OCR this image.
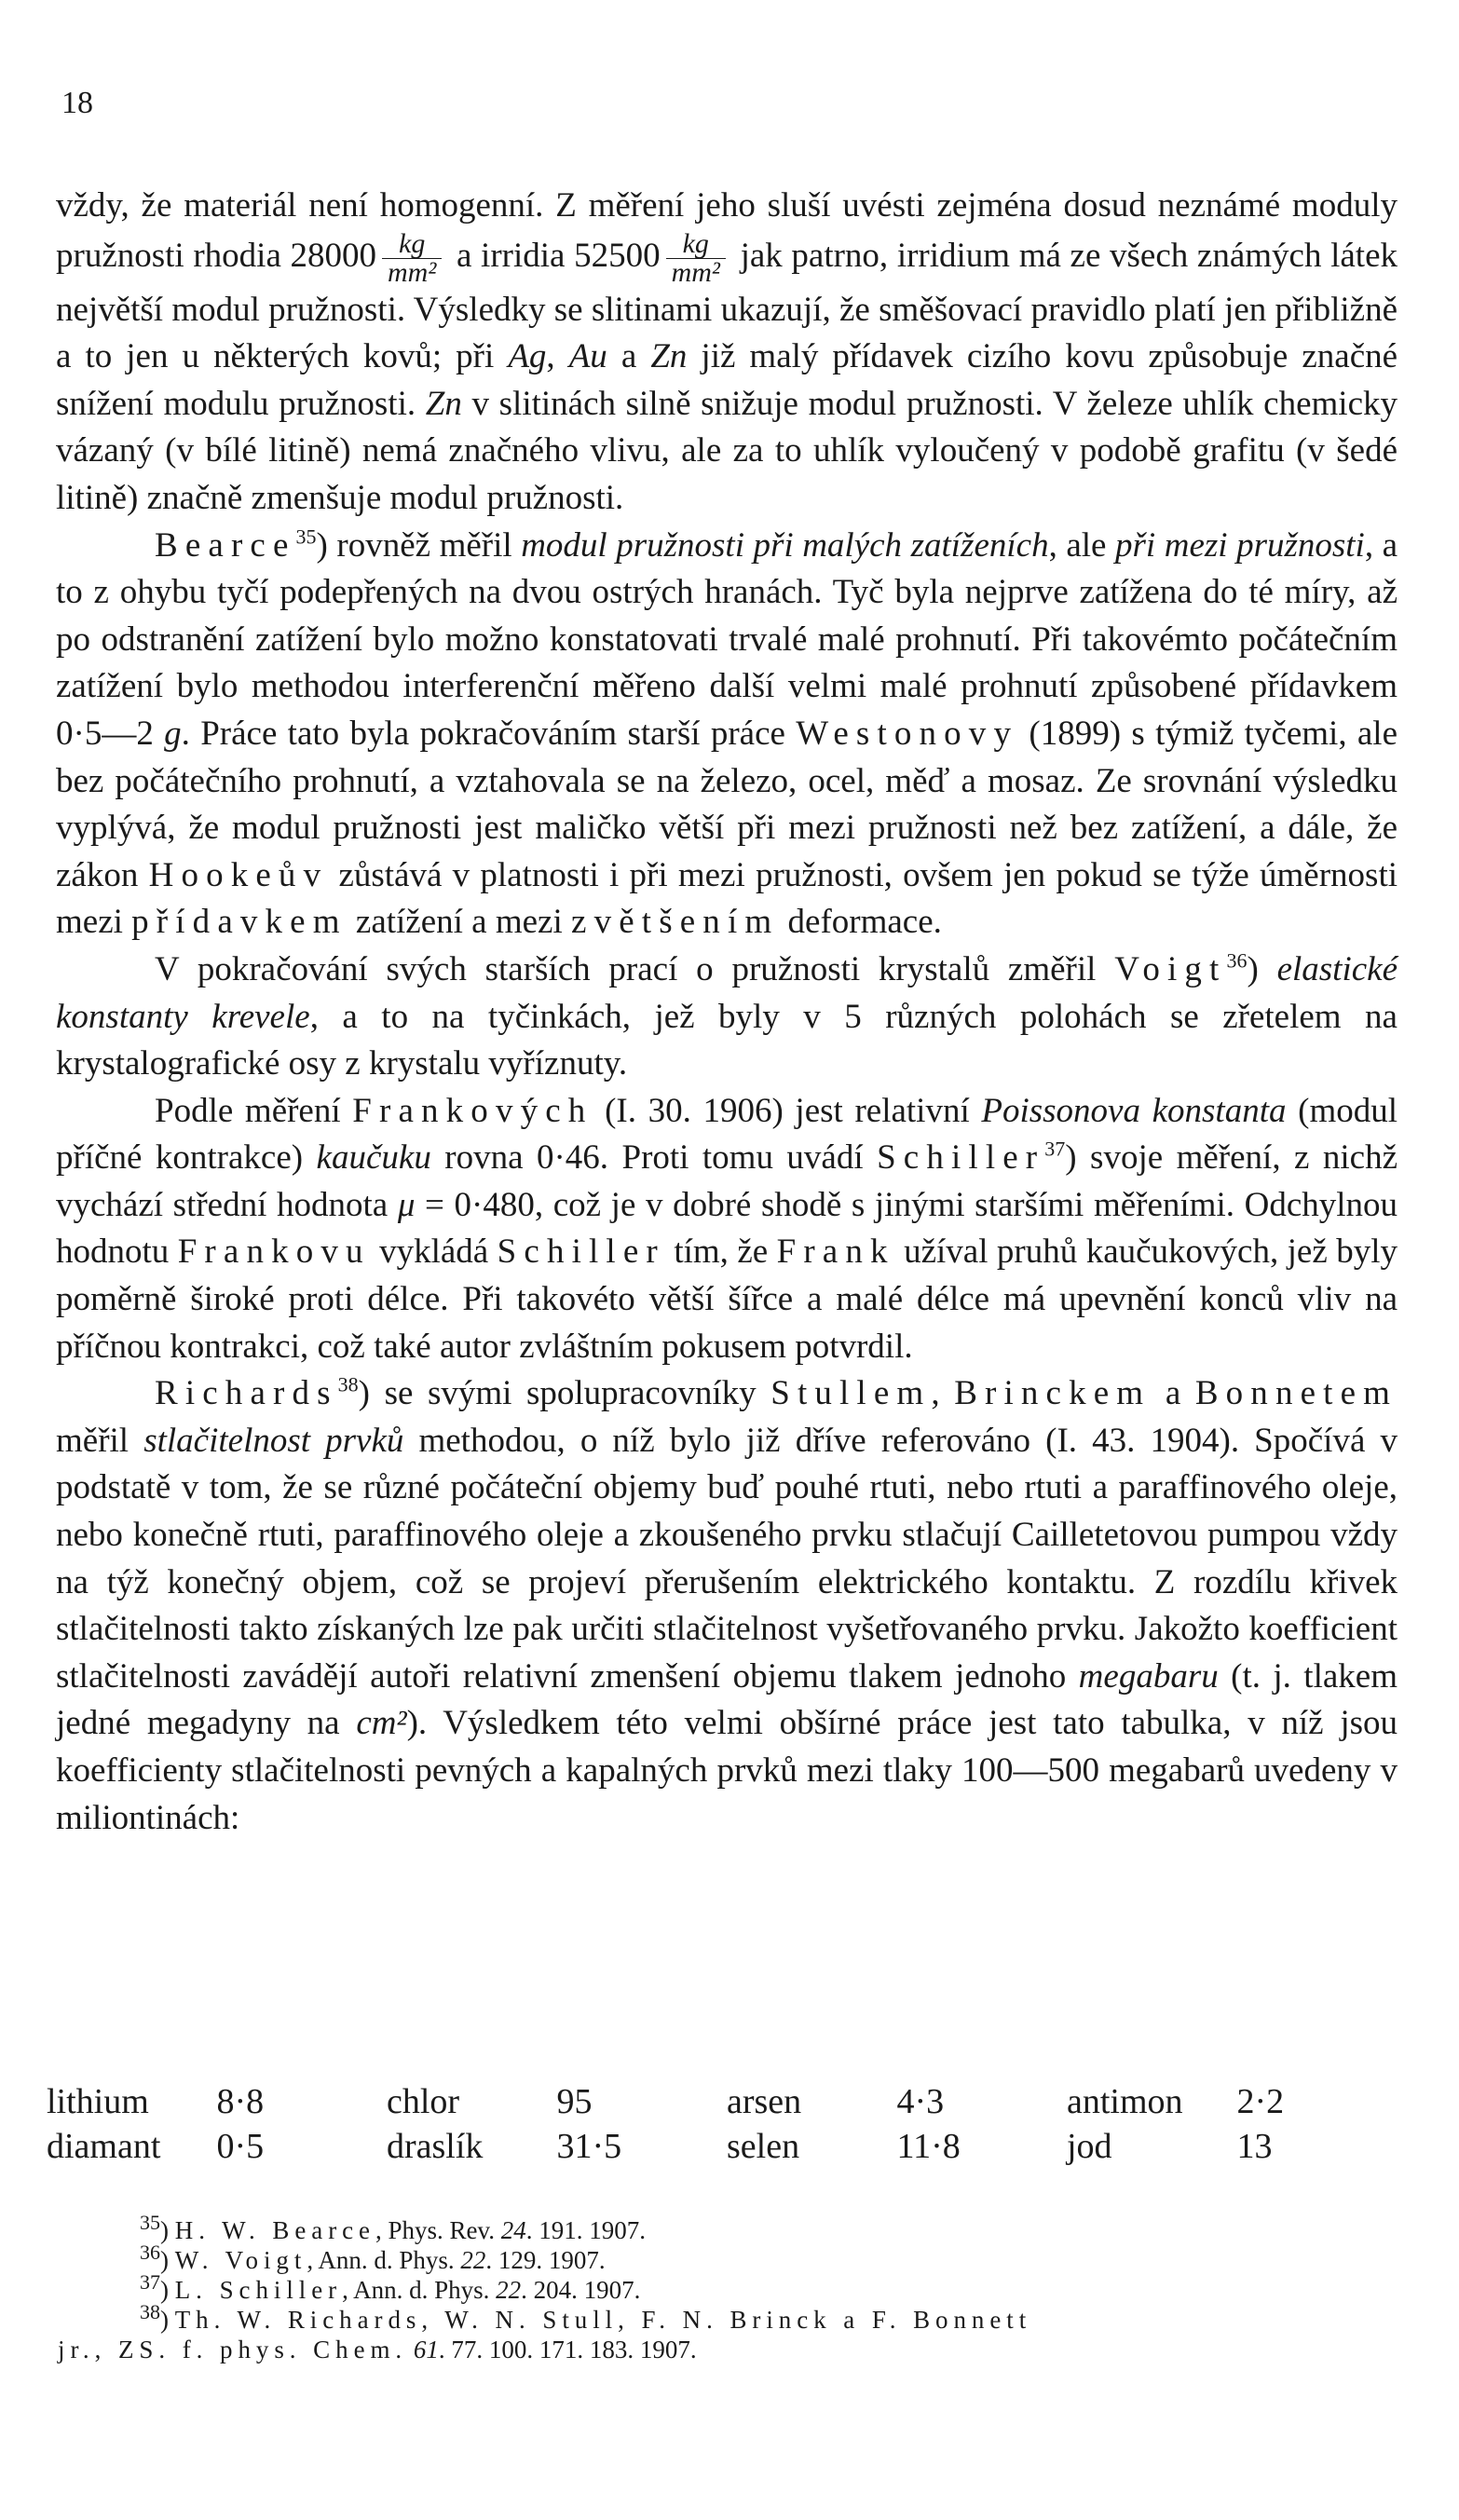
18

vždy, že materiál není homogenní. Z měření jeho sluší uvésti zejména dosud neznámé moduly pružnosti rhodia $28000 \frac{kg}{\text{mm²}}$ a irridia $52500 \frac{kg}{\text{mm²}}$ jak patrno, irridium má ze všech známých látek největší modul pružnosti. Výsledky se slitinami ukazují, že směšovací pravidlo platí jen přibližně a to jen u některých kovů; při Ag, Au a Zn již malý přídavek cizího kovu způsobuje značné snížení modulu pružnosti. Zn v slitinách silně snižuje modul pružnosti. V železe uhlík chemicky vázaný (v bílé litině) nemá značného vlivu, ale za to uhlík vyloučený v podobě grafitu (v šedé litině) značně zmenšuje modul pružnosti.

Bearce$^{35}$) rovněž měřil modul pružnosti při malých zatíženích, ale při mezi pružnosti, a to z ohybu tyčí podepřených na dvou ostrých hranách. Tyč byla nejprve zatížena do té míry, až po odstranění zatížení bylo možno konstatovati trvalé malé prohnutí. Při takovémto počátečním zatížení bylo methodou interferenční měřeno další velmi malé prohnutí způsobené přídavkem 0·5—2 g. Práce tato byla pokračováním starší práce Westonovy (1899) s týmiž tyčemi, ale bez počátečního prohnutí, a vztahovala se na železo, ocel, měď a mosaz. Ze srovnání výsledku vyplývá, že modul pružnosti jest maličko větší při mezi pružnosti než bez zatížení, a dále, že zákon Hookeův zůstává v platnosti i při mezi pružnosti, ovšem jen pokud se týže úměrnosti mezi přídavkem zatížení a mezi zvětšením deformace.

V pokračování svých starších prací o pružnosti krystalů změřil Voigt$^{36}$) elastické konstanty krevele, a to na tyčinkách, jež byly v 5 různých polohách se zřetelem na krystalografické osy z krystalu vyříznuty.

Podle měření Frankových (I. 30. 1906) jest relativní Poissonova konstanta (modul příčné kontrakce) kaučuku rovna 0·46. Proti tomu uvádí Schiller$^{37}$) svoje měření, z nichž vychází střední hodnota μ = 0·480, což je v dobré shodě s jinými staršími měřeními. Odchylnou hodnotu Frankovu vykládá Schiller tím, že Frank užíval pruhů kaučukových, jež byly poměrně široké proti délce. Při takovéto větší šířce a malé délce má upevnění konců vliv na příčnou kontrakci, což také autor zvláštním pokusem potvrdil.

Richards$^{38}$) se svými spolupracovníky Stullem, Brinckem a Bonnetem měřil stlačitelnost prvků methodou, o níž bylo již dříve referováno (I. 43. 1904). Spočívá v podstatě v tom, že se různé počáteční objemy buď pouhé rtuti, nebo rtuti a paraffinového oleje, nebo konečně rtuti, paraffinového oleje a zkoušeného prvku stlačují Cailletetovou pumpou vždy na týž konečný objem, což se projeví přerušením elektrického kontaktu. Z rozdílu křivek stlačitelnosti takto získaných lze pak určiti stlačitelnost vyšetřovaného prvku. Jakožto koefficient stlačitelnosti zavádějí autoři relativní zmenšení objemu tlakem jednoho megabaru (t. j. tlakem jedné megadyny na cm²). Výsledkem této velmi obšírné práce jest tato tabulka, v níž jsou koefficienty stlačitelnosti pevných a kapalných prvků mezi tlaky 100—500 megabarů uvedeny v miliontinách:

lithium	8·8	chlor	95	arsen	4·3	antimon	2·2
diamant	0·5	draslík	31·5	selen	11·8	jod	13

$^{35}$) H. W. Bearce, Phys. Rev. 24. 191. 1907.

$^{36}$) W. Voigt, Ann. d. Phys. 22. 129. 1907.

$^{37}$) L. Schiller, Ann. d. Phys. 22. 204. 1907.

$^{38}$) Th. W. Richards, W. N. Stull, F. N. Brinck a F. Bonnett

jr., ZS. f. phys. Chem. 61. 77. 100. 171. 183. 1907.
